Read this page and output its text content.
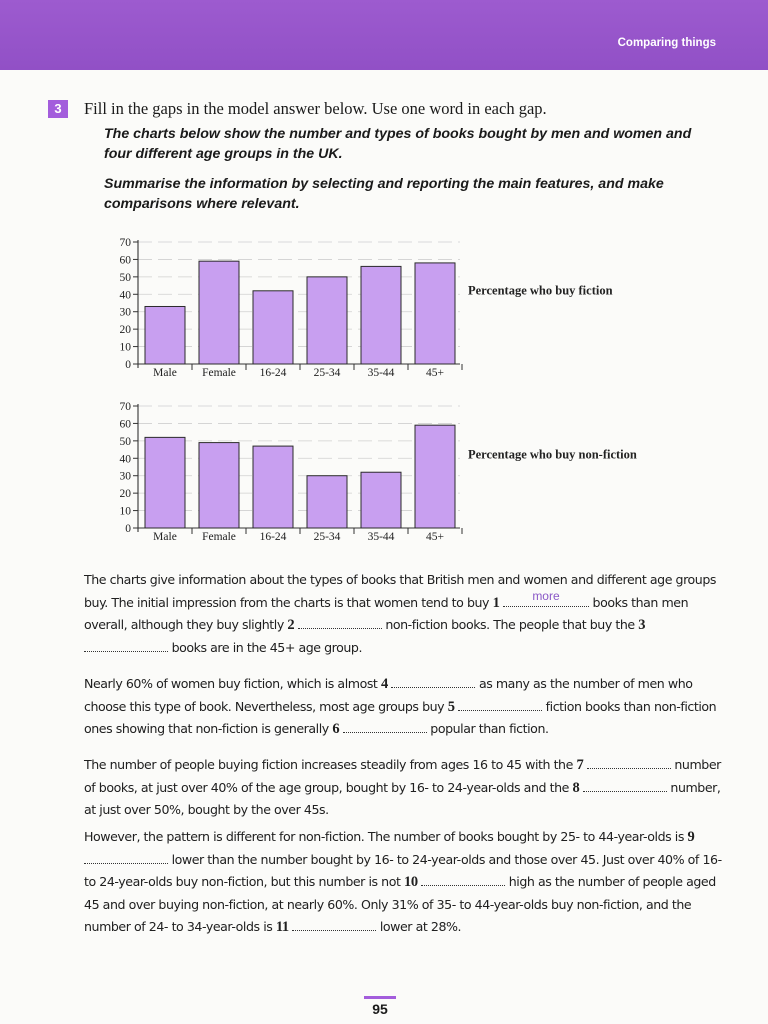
Comparing things
3	Fill in the gaps in the model answer below. Use one word in each gap.
The charts below show the number and types of books bought by men and women and four different age groups in the UK.
Summarise the information by selecting and reporting the main features, and make comparisons where relevant.
0
10
20
30
40
50
60
70
Male Female 16-24 25-34 35-44	45+
Percentage who buy fiction
0
10
20
30
40
50
60
70
Male Female 16-24 25-34 35-44	45+
Percentage who buy non-fiction

The charts give information about the types of books that British men and women and different age groups buy. The initial impression from the charts is that women tend to buy 1	more	books than men overall, although they buy slightly 2	non-fiction books. The people that buy the 3  books are in the 45+ age group.

Nearly 60% of women buy fiction, which is almost 4	as many as the number of men who choose this type of book. Nevertheless, most age groups buy 5	fiction books than non-fiction ones showing that non-fiction is generally 6	popular than fiction.

The number of people buying fiction increases steadily from ages 16 to 45 with the 7	number of books, at just over 40% of the age group, bought by 16- to 24-year-olds and the 8	number, at just over 50%, bought by the over 45s.

However, the pattern is different for non-fiction. The number of books bought by 25- to 44-year-olds is 9  lower than the number bought by 16- to 24-year-olds and those over 45. Just over 40% of 16- to 24-year-olds buy non-fiction, but this number is not 10	high as the number of people aged 45 and over buying non-fiction, at nearly 60%. Only 31% of 35- to 44-year-olds buy non-fiction, and the number of 24- to 34-year-olds is 11	lower at 28%.

95
